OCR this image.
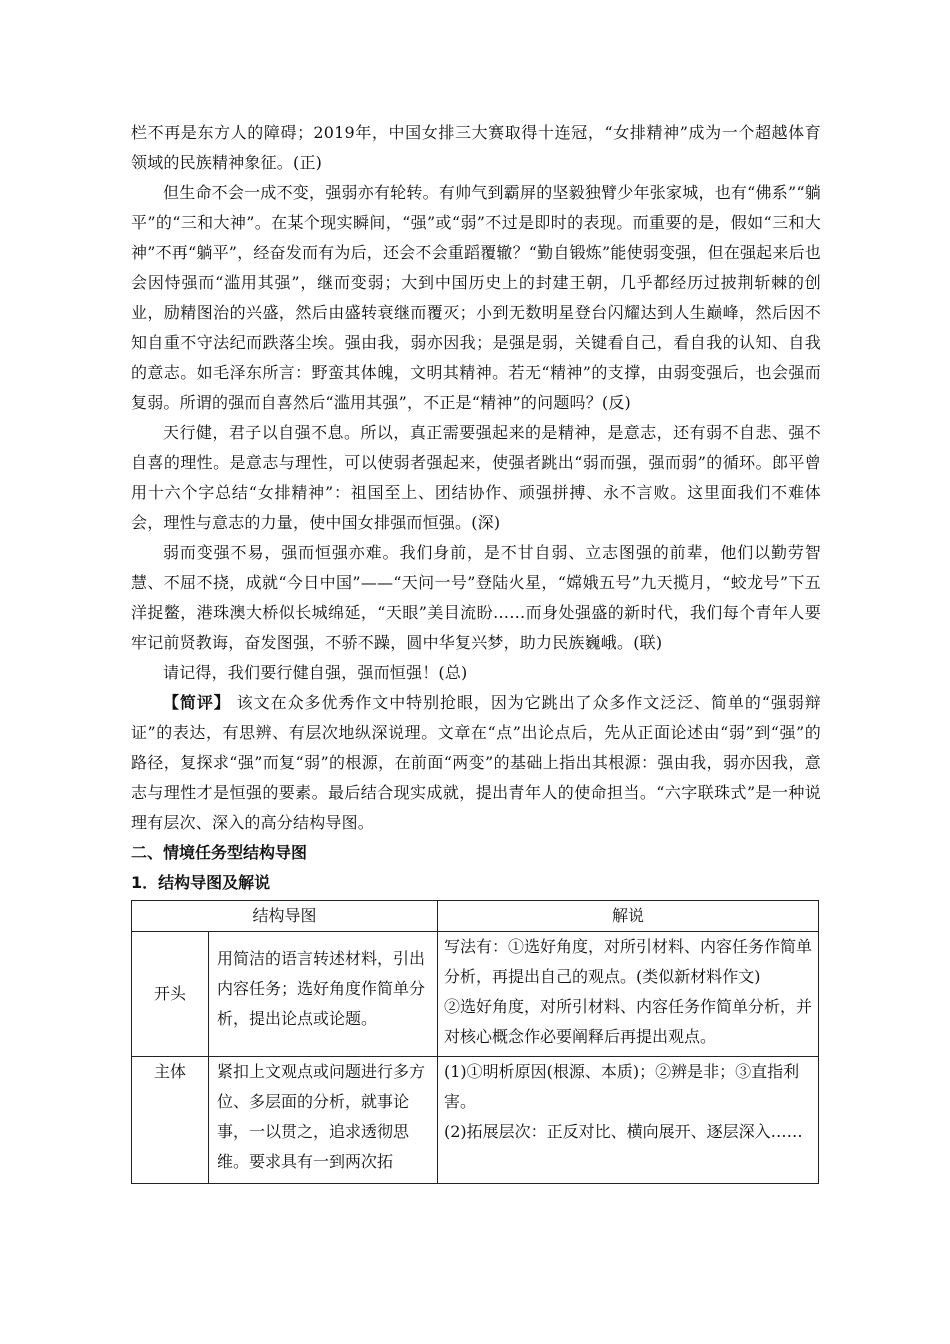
栏不再是东方人的障碍；2019年，中国女排三大赛取得十连冠，“女排精神”成为一个超越体育领域的民族精神象征。(正)

但生命不会一成不变，强弱亦有轮转。有帅气到霸屏的坚毅独臂少年张家城，也有“佛系”“躺平”的“三和大神”。在某个现实瞬间，“强”或“弱”不过是即时的表现。而重要的是，假如“三和大神”不再“躺平”，经奋发而有为后，还会不会重蹈覆辙？“勤自锻炼”能使弱变强，但在强起来后也会因恃强而“滥用其强”，继而变弱；大到中国历史上的封建王朝，几乎都经历过披荆斩棘的创业，励精图治的兴盛，然后由盛转衰继而覆灭；小到无数明星登台闪耀达到人生巅峰，然后因不知自重不守法纪而跌落尘埃。强由我，弱亦因我；是强是弱，关键看自己，看自我的认知、自我的意志。如毛泽东所言：野蛮其体魄，文明其精神。若无“精神”的支撑，由弱变强后，也会强而复弱。所谓的强而自喜然后“滥用其强”，不正是“精神”的问题吗？(反)

天行健，君子以自强不息。所以，真正需要强起来的是精神，是意志，还有弱不自悲、强不自喜的理性。是意志与理性，可以使弱者强起来，使强者跳出“弱而强，强而弱”的循环。郎平曾用十六个字总结“女排精神”：祖国至上、团结协作、顽强拼搏、永不言败。这里面我们不难体会，理性与意志的力量，使中国女排强而恒强。(深)

弱而变强不易，强而恒强亦难。我们身前，是不甘自弱、立志图强的前辈，他们以勤劳智慧、不屈不挠，成就“今日中国”——“天问一号”登陆火星，“嫦娥五号”九天揽月，“蛟龙号”下五洋捉鳖，港珠澳大桥似长城绵延，“天眼”美目流盼……而身处强盛的新时代，我们每个青年人要牢记前贤教诲，奋发图强，不骄不躁，圆中华复兴梦，助力民族巍峨。(联)

请记得，我们要行健自强，强而恒强！(总)

【简评】 该文在众多优秀作文中特别抢眼，因为它跳出了众多作文泛泛、简单的“强弱辩证”的表达，有思辨、有层次地纵深说理。文章在“点”出论点后，先从正面论述由“弱”到“强”的路径，复探求“强”而复“弱”的根源，在前面“两变”的基础上指出其根源：强由我，弱亦因我，意志与理性才是恒强的要素。最后结合现实成就，提出青年人的使命担当。“六字联珠式”是一种说理有层次、深入的高分结构导图。

二、情境任务型结构导图
1．结构导图及解说
结构导图		解说
开头	用简洁的语言转述材料，引出内容任务；选好角度作简单分析，提出论点或论题。	写法有：①选好角度，对所引材料、内容任务作简单分析，再提出自己的观点。(类似新材料作文)
②选好角度，对所引材料、内容任务作简单分析，并对核心概念作必要阐释后再提出观点。

主体	紧扣上文观点或问题进行多方位、多层面的分析，就事论事，一以贯之，追求透彻思维。要求具有一到两次拓	(1)①明析原因(根源、本质)；②辨是非；③直指利害。
(2)拓展层次：正反对比、横向展开、逐层深入……
